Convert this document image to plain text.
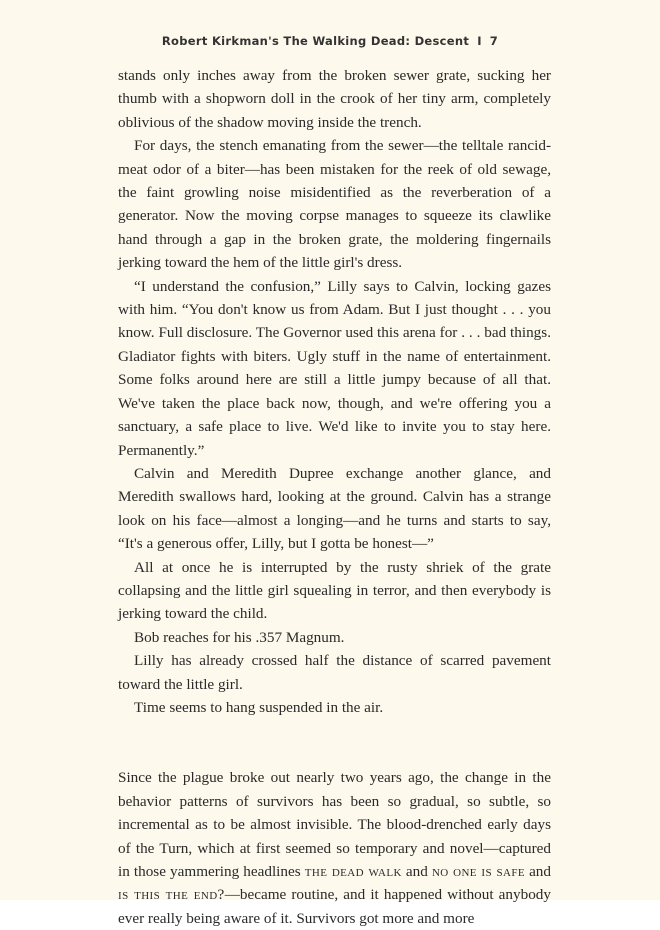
Robert Kirkman's The Walking Dead: Descent I 7

stands only inches away from the broken sewer grate, sucking her thumb with a shopworn doll in the crook of her tiny arm, completely oblivious of the shadow moving inside the trench.

For days, the stench emanating from the sewer—the telltale rancid-meat odor of a biter—has been mistaken for the reek of old sewage, the faint growling noise misidentified as the reverberation of a generator. Now the moving corpse manages to squeeze its clawlike hand through a gap in the broken grate, the moldering fingernails jerking toward the hem of the little girl's dress.

“I understand the confusion,” Lilly says to Calvin, locking gazes with him. “You don't know us from Adam. But I just thought . . . you know. Full disclosure. The Governor used this arena for . . . bad things. Gladiator fights with biters. Ugly stuff in the name of entertainment. Some folks around here are still a little jumpy because of all that. We've taken the place back now, though, and we're offering you a sanctuary, a safe place to live. We'd like to invite you to stay here. Permanently.”

Calvin and Meredith Dupree exchange another glance, and Meredith swallows hard, looking at the ground. Calvin has a strange look on his face—almost a longing—and he turns and starts to say, “It's a generous offer, Lilly, but I gotta be honest—”

All at once he is interrupted by the rusty shriek of the grate collapsing and the little girl squealing in terror, and then everybody is jerking toward the child.

Bob reaches for his .357 Magnum.

Lilly has already crossed half the distance of scarred pavement toward the little girl.

Time seems to hang suspended in the air.

Since the plague broke out nearly two years ago, the change in the behavior patterns of survivors has been so gradual, so subtle, so incremental as to be almost invisible. The blood-drenched early days of the Turn, which at first seemed so temporary and novel—captured in those yammering headlines the dead walk and no one is safe and is this the end?—became routine, and it happened without anybody ever really being aware of it. Survivors got more and more
